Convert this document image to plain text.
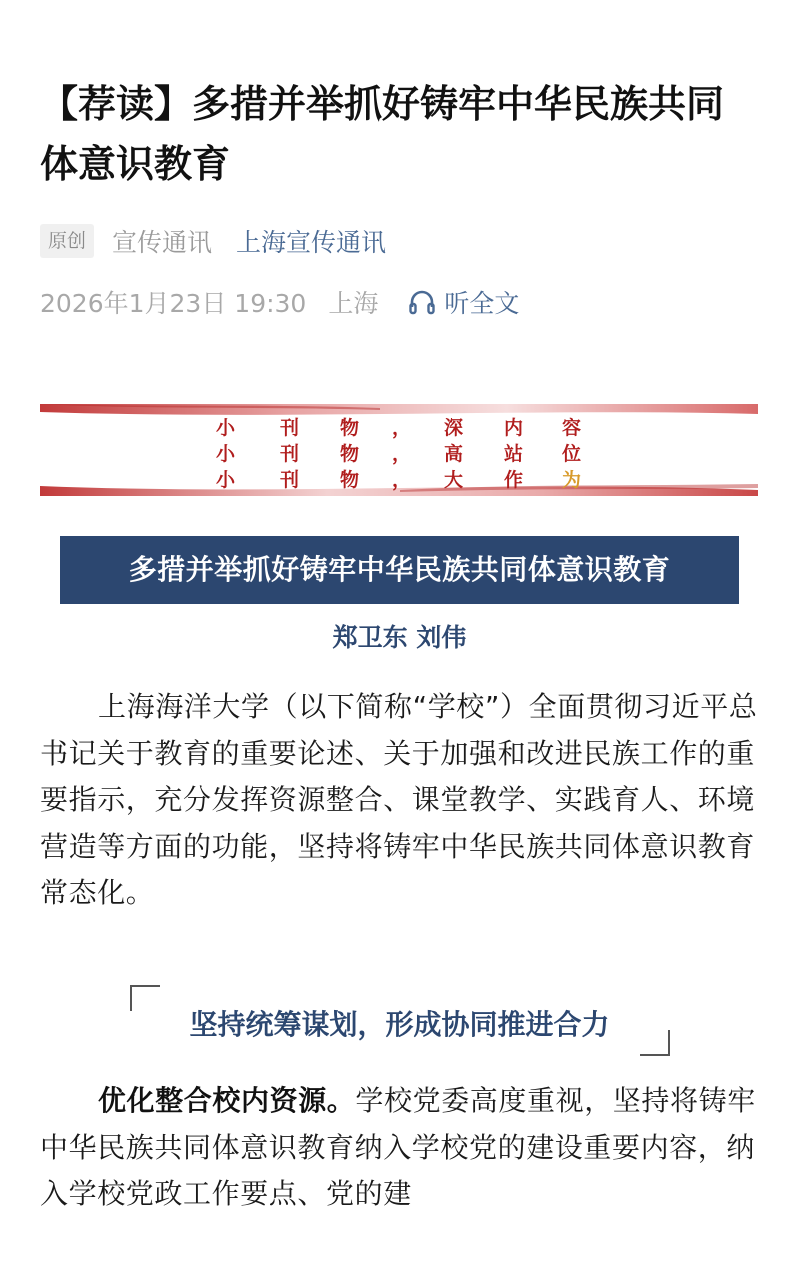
【荐读】多措并举抓好铸牢中华民族共同体意识教育
原创	宣传通讯 上海宣传通讯
2026年1月23日 19:30 上海	听全文
小 刊 物 ， 深 内 容
小 刊 物 ， 高 站 位
小 刊 物 ， 大 作 为
多措并举抓好铸牢中华民族共同体意识教育
郑卫东 刘伟

上海海洋大学（以下简称“学校”）全面贯彻习近平总书记关于教育的重要论述、关于加强和改进民族工作的重要指示，充分发挥资源整合、课堂教学、实践育人、环境营造等方面的功能，坚持将铸牢中华民族共同体意识教育常态化。

坚持统筹谋划，形成协同推进合力

优化整合校内资源。学校党委高度重视，坚持将铸牢中华民族共同体意识教育纳入学校党的建设重要内容，纳入学校党政工作要点、党的建
